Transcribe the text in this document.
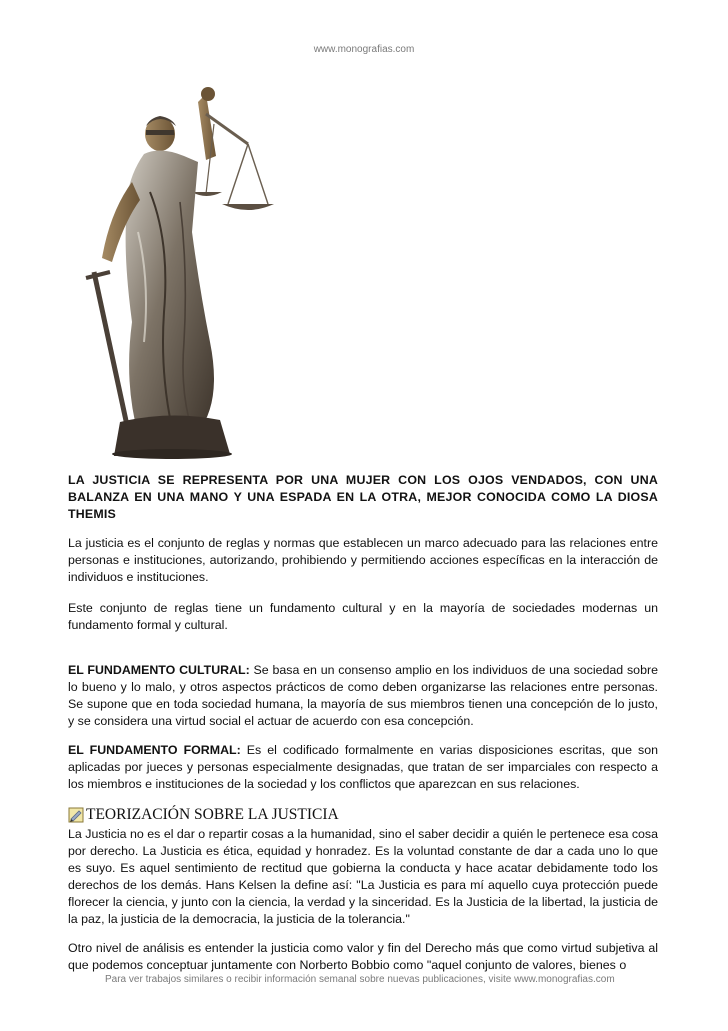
www.monografias.com

LA JUSTICIA SE REPRESENTA POR UNA MUJER CON LOS OJOS VENDADOS, CON UNA BALANZA EN UNA MANO Y UNA ESPADA EN LA OTRA, MEJOR CONOCIDA COMO LA DIOSA THEMIS

La justicia es el conjunto de reglas y normas que establecen un marco adecuado para las relaciones entre personas e instituciones, autorizando, prohibiendo y permitiendo acciones específicas en la interacción de individuos e instituciones.

Este conjunto de reglas tiene un fundamento cultural y en la mayoría de sociedades modernas un fundamento formal y cultural.

EL FUNDAMENTO CULTURAL: Se basa en un consenso amplio en los individuos de una sociedad sobre lo bueno y lo malo, y otros aspectos prácticos de como deben organizarse las relaciones entre personas. Se supone que en toda sociedad humana, la mayoría de sus miembros tienen una concepción de lo justo, y se considera una virtud social el actuar de acuerdo con esa concepción.

EL FUNDAMENTO FORMAL: Es el codificado formalmente en varias disposiciones escritas, que son aplicadas por jueces y personas especialmente designadas, que tratan de ser imparciales con respecto a los miembros e instituciones de la sociedad y los conflictos que aparezcan en sus relaciones.

TEORIZACIÓN SOBRE LA JUSTICIA

La Justicia no es el dar o repartir cosas a la humanidad, sino el saber decidir a quién le pertenece esa cosa por derecho. La Justicia es ética, equidad y honradez. Es la voluntad constante de dar a cada uno lo que es suyo. Es aquel sentimiento de rectitud que gobierna la conducta y hace acatar debidamente todo los derechos de los demás. Hans Kelsen la define así: "La Justicia es para mí aquello cuya protección puede florecer la ciencia, y junto con la ciencia, la verdad y la sinceridad. Es la Justicia de la libertad, la justicia de la paz, la justicia de la democracia, la justicia de la tolerancia."

Otro nivel de análisis es entender la justicia como valor y fin del Derecho más que como virtud subjetiva al que podemos conceptuar juntamente con Norberto Bobbio como "aquel conjunto de valores, bienes o

Para ver trabajos similares o recibir información semanal sobre nuevas publicaciones, visite www.monografias.com
